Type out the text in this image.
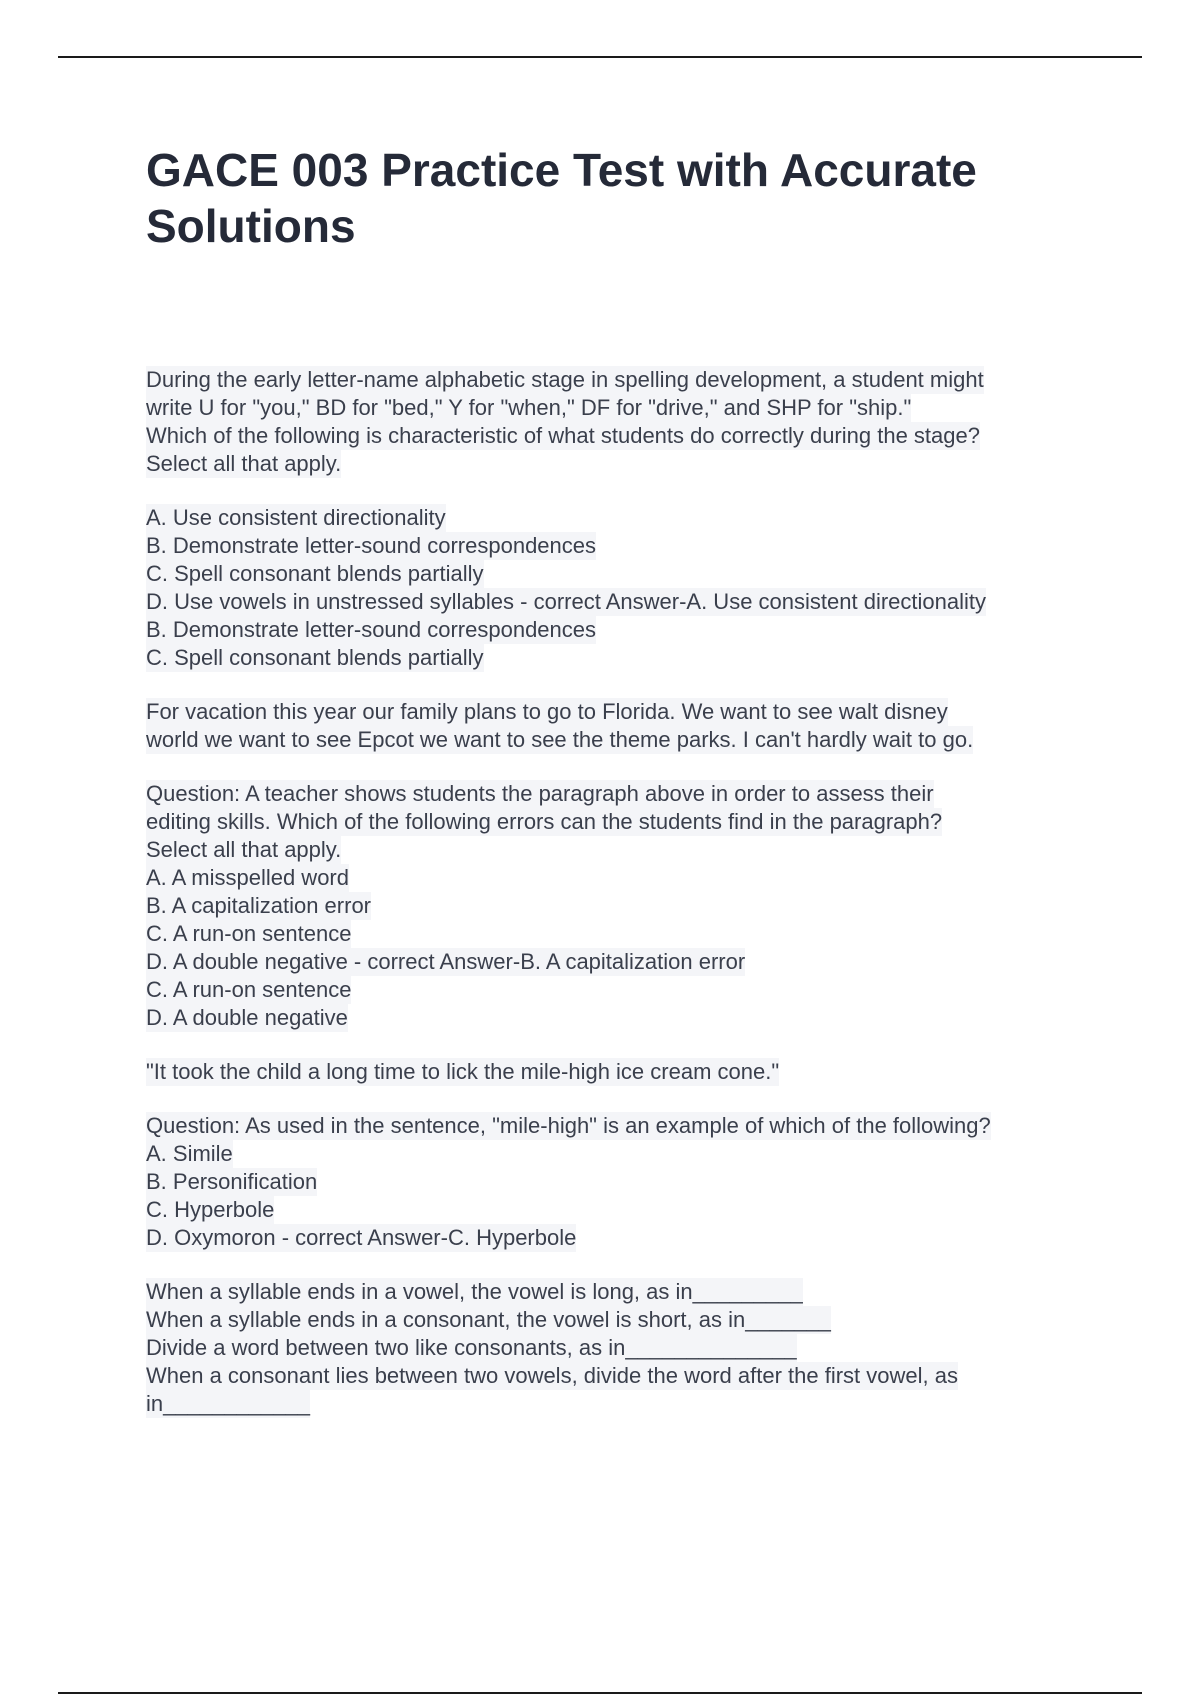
GACE 003 Practice Test with Accurate Solutions
During the early letter-name alphabetic stage in spelling development, a student might
write U for "you," BD for "bed," Y for "when," DF for "drive," and SHP for "ship."
Which of the following is characteristic of what students do correctly during the stage?
Select all that apply.
A. Use consistent directionality
B. Demonstrate letter-sound correspondences
C. Spell consonant blends partially
D. Use vowels in unstressed syllables - correct Answer-A. Use consistent directionality
B. Demonstrate letter-sound correspondences
C. Spell consonant blends partially
For vacation this year our family plans to go to Florida. We want to see walt disney
world we want to see Epcot we want to see the theme parks. I can't hardly wait to go.
Question: A teacher shows students the paragraph above in order to assess their
editing skills. Which of the following errors can the students find in the paragraph?
Select all that apply.
A. A misspelled word
B. A capitalization error
C. A run-on sentence
D. A double negative - correct Answer-B. A capitalization error
C. A run-on sentence
D. A double negative
"It took the child a long time to lick the mile-high ice cream cone."
Question: As used in the sentence, "mile-high" is an example of which of the following?
A. Simile
B. Personification
C. Hyperbole
D. Oxymoron - correct Answer-C. Hyperbole
When a syllable ends in a vowel, the vowel is long, as in_________
When a syllable ends in a consonant, the vowel is short, as in_______
Divide a word between two like consonants, as in______________
When a consonant lies between two vowels, divide the word after the first vowel, as
in____________
